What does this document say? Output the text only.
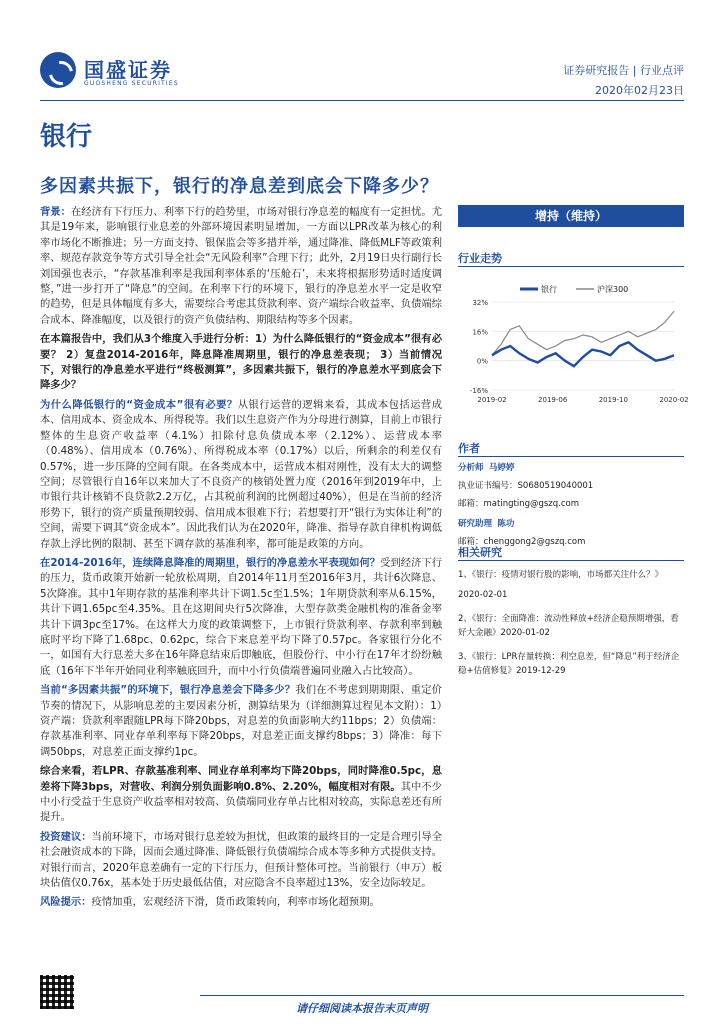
国盛证券
GUOSHENG SECURITIES
证券研究报告 | 行业点评
2020年02月23日
银行
多因素共振下，银行的净息差到底会下降多少？

背景：在经济有下行压力、利率下行的趋势里，市场对银行净息差的幅度有一定担忧。尤其是19年来，影响银行业息差的外部环境因素明显增加，一方面以LPR改革为核心的利率市场化不断推进；另一方面支持、银保监会等多措并举，通过降准、降低MLF等政策利率、规范存款竞争等方式引导全社会“无风险利率”合理下行；此外，2月19日央行副行长刘国强也表示，“存款基准利率是我国利率体系的‘压舱石’，未来将根据形势适时适度调整，”进一步打开了“降息”的空间。在利率下行的环境下，银行的净息差水平一定是收窄的趋势，但是具体幅度有多大，需要综合考虑其贷款利率、资产端综合收益率、负债端综合成本、降准幅度，以及银行的资产负债结构、期限结构等多个因素。

在本篇报告中，我们从3个维度入手进行分析：1）为什么降低银行的“资金成本”很有必要？ 2）复盘2014-2016年，降息降准周期里，银行的净息差表现； 3）当前情况下，对银行的净息差水平进行“终极测算”，多因素共振下，银行的净息差水平到底会下降多少？

为什么降低银行的“资金成本”很有必要？从银行运营的逻辑来看，其成本包括运营成本、信用成本、资金成本、所得税等。我们以生息资产作为分母进行测算，目前上市银行整体的生息资产收益率（4.1%）扣除付息负债成本率（2.12%）、运营成本率（0.48%）、信用成本（0.76%）、所得税成本率（0.17%）以后，所剩余的利差仅有0.57%，进一步压降的空间有限。在各类成本中，运营成本相对刚性，没有太大的调整空间；尽管银行自16年以来加大了不良资产的核销处置力度（2016年到2019年中，上市银行共计核销不良贷款2.2万亿，占其税前利润的比例超过40%），但是在当前的经济形势下，银行的资产质量预期较弱、信用成本很难下行；若想要打开“银行为实体让利”的空间，需要下调其“资金成本”。因此我们认为在2020年，降准、指导存款自律机构调低存款上浮比例的限制、甚至下调存款的基准利率，都可能是政策的方向。

在2014-2016年，连续降息降准的周期里，银行的净息差水平表现如何？受到经济下行的压力，货币政策开始新一轮放松周期，自2014年11月至2016年3月，共计6次降息、5次降准。其中1年期存款的基准利率共计下调1.5c至1.5%；1年期贷款利率从6.15%，共计下调1.65pc至4.35%。且在这期间央行5次降准，大型存款类金融机构的准备金率共计下调3pc至17%。在这样大力度的政策调整下，上市银行贷款利率、存款利率到触底时平均下降了1.68pc、0.62pc，综合下来息差平均下降了0.57pc。各家银行分化不一，如国有大行息差大多在16年降息结束后即触底，但股份行、中小行在17年才纷纷触底（16年下半年开始同业利率触底回升，而中小行负债端普遍同业融入占比较高）。

当前“多因素共振”的环境下，银行净息差会下降多少？我们在不考虑到期期限、重定价节奏的情况下，从影响息差的主要因素分析，测算结果为（详细测算过程见本文附）：1）资产端：贷款利率跟随LPR每下降20bps，对息差的负面影响大约11bps；2）负债端：存款基准利率、同业存单利率每下降20bps，对息差正面支撑约8bps；3）降准：每下调50bps，对息差正面支撑约1pc。

综合来看，若LPR、存款基准利率、同业存单利率均下降20bps，同时降准0.5pc，息差将下降3bps，对营收、利润分别负面影响0.8%、2.20%，幅度相对有限。其中不少中小行受益于生息资产收益率相对较高、负债端同业存单占比相对较高，实际息差还有所提升。

投资建议：当前环境下，市场对银行息差较为担忧，但政策的最终目的一定是合理引导全社会融资成本的下降，因而会通过降准、降低银行负债端综合成本等多种方式提供支持。对银行而言，2020年息差确有一定的下行压力，但预计整体可控。当前银行（申万）板块估值仅0.76x，基本处于历史最低估值，对应隐含不良率超过13%，安全边际较足。

风险提示：疫情加重，宏观经济下滑，货币政策转向，利率市场化超预期。

增持（维持）
行业走势
银行	沪深300
32%
16%
0%
-16%
2019-02	2019-06	2019-10	2020-02
作者
分析师 马婷婷
执业证书编号：S0680519040001
邮箱：matingting@gszq.com
研究助理 陈功
邮箱：chenggong2@gszq.com
相关研究
1、《银行：疫情对银行股的影响，市场都关注什么？》
2020-02-01
2、《银行：全面降准：流动性释放+经济企稳预期增强，看好大金融》2020-01-02
3、《银行：LPR存量转换：利空息差，但“降息”利于经济企稳+估值修复》2019-12-29
请仔细阅读本报告末页声明
